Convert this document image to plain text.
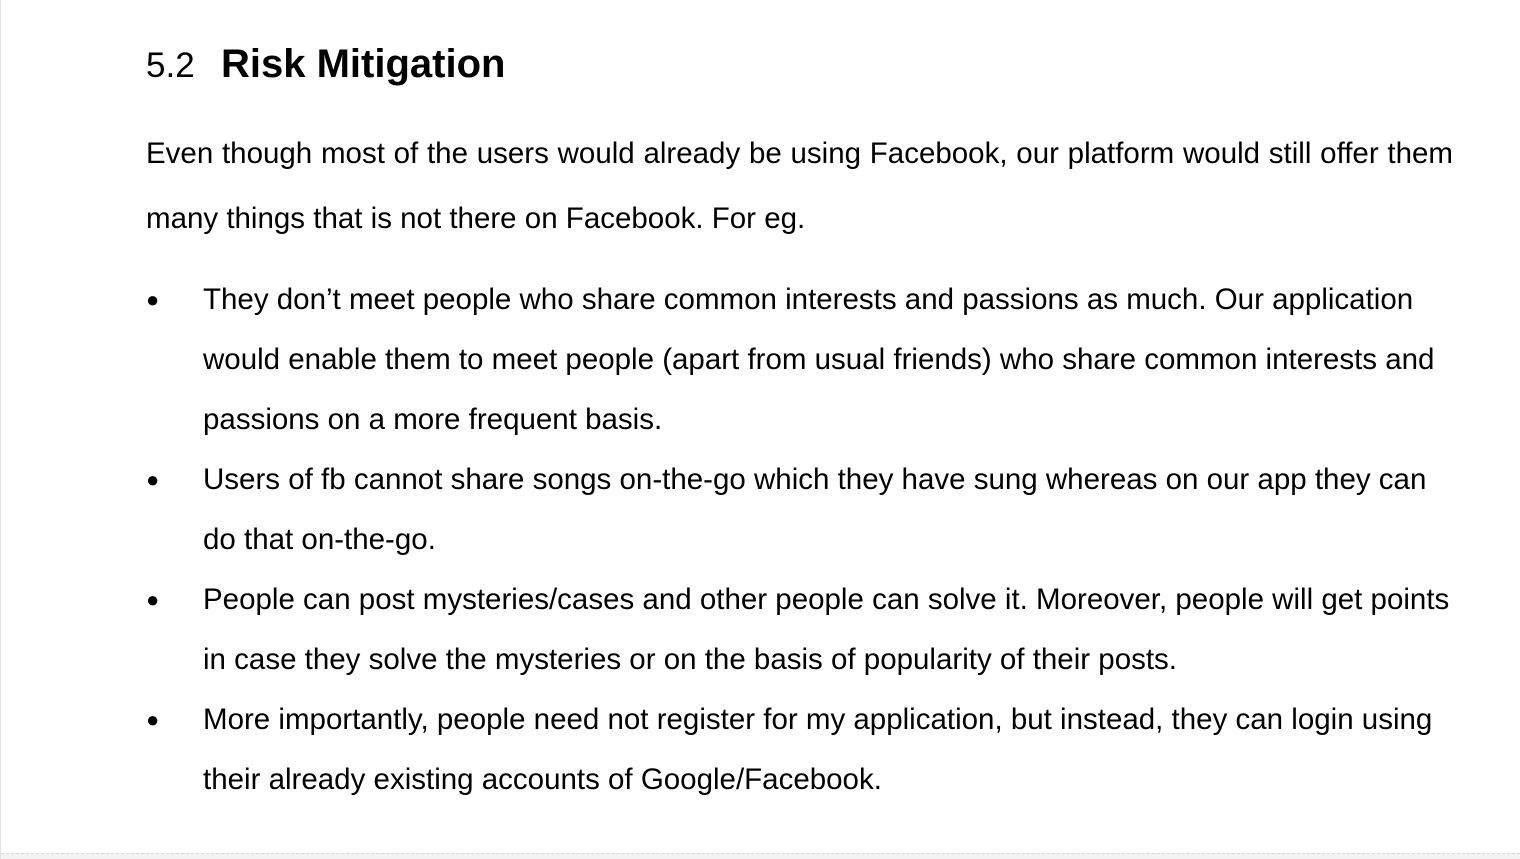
5.2 Risk Mitigation

Even though most of the users would already be using Facebook, our platform would still offer them many things that is not there on Facebook. For eg.

● They don’t meet people who share common interests and passions as much. Our application would enable them to meet people (apart from usual friends) who share common interests and passions on a more frequent basis.
● Users of fb cannot share songs on-the-go which they have sung whereas on our app they can do that on-the-go.
● People can post mysteries/cases and other people can solve it. Moreover, people will get points in case they solve the mysteries or on the basis of popularity of their posts.
● More importantly, people need not register for my application, but instead, they can login using their already existing accounts of Google/Facebook.
